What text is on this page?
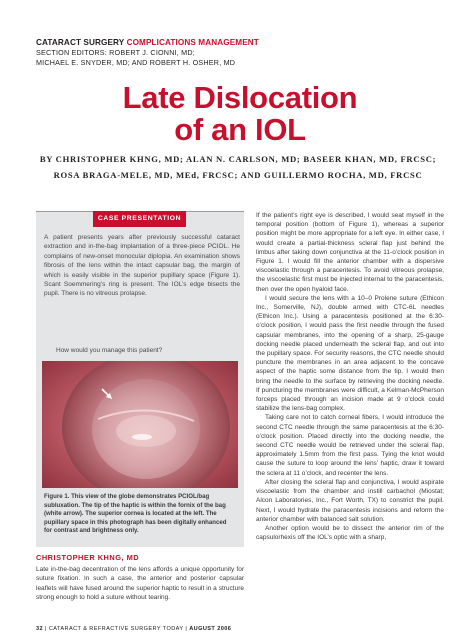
CATARACT SURGERY COMPLICATIONS MANAGEMENT
SECTION EDITORS: ROBERT J. CIONNI, MD;
MICHAEL E. SNYDER, MD; AND ROBERT H. OSHER, MD
Late Dislocation
of an IOL
BY CHRISTOPHER KHNG, MD; ALAN N. CARLSON, MD; BASEER KHAN, MD, FRCSC;
ROSA BRAGA-MELE, MD, MEd, FRCSC; AND GUILLERMO ROCHA, MD, FRCSC
CASE PRESENTATION

A patient presents years after previously successful cataract extraction and in-the-bag implantation of a three-piece PCIOL. He complains of new-onset monocular diplopia. An examination shows fibrosis of the lens within the intact capsular bag, the margin of which is easily visible in the superior pupillary space (Figure 1). Scant Soemmering’s ring is present. The IOL’s edge bisects the pupil. There is no vitreous prolapse.

How would you manage this patient?

Figure 1. This view of the globe demonstrates PCIOL/bag subluxation. The tip of the haptic is within the fornix of the bag (white arrow). The superior cornea is located at the left. The pupillary space in this photograph has been digitally enhanced for contrast and brightness only.

CHRISTOPHER KHNG, MD

Late in-the-bag decentration of the lens affords a unique opportunity for suture fixation. In such a case, the anterior and posterior capsular leaflets will have fused around the superior haptic to result in a structure strong enough to hold a suture without tearing.

If the patient’s right eye is described, I would seat myself in the temporal position (bottom of Figure 1), whereas a superior position might be more appropriate for a left eye. In either case, I would create a partial-thickness scleral flap just behind the limbus after taking down conjunctiva at the 11-o’clock position in Figure 1. I would fill the anterior chamber with a dispersive viscoelastic through a paracentesis. To avoid vitreous prolapse, the viscoelastic first must be injected internal to the paracentesis, then over the open hyaloid face.

I would secure the lens with a 10–0 Prolene suture (Ethicon Inc., Somerville, NJ), double armed with CTC-6L needles (Ethicon Inc.). Using a paracentesis positioned at the 6:30-o’clock position, I would pass the first needle through the fused capsular membranes, into the opening of a sharp, 25-gauge docking needle placed underneath the scleral flap, and out into the pupillary space. For security reasons, the CTC needle should puncture the membranes in an area adjacent to the concave aspect of the haptic some distance from the tip. I would then bring the needle to the surface by retrieving the docking needle. If puncturing the membranes were difficult, a Kelman-McPherson forceps placed through an incision made at 9 o’clock could stabilize the lens-bag complex.

Taking care not to catch corneal fibers, I would introduce the second CTC needle through the same paracentesis at the 6:30-o’clock position. Placed directly into the docking needle, the second CTC needle would be retrieved under the scleral flap, approximately 1.5mm from the first pass. Tying the knot would cause the suture to loop around the lens’ haptic, draw it toward the sclera at 11 o’clock, and recenter the lens.

After closing the scleral flap and conjunctiva, I would aspirate viscoelastic from the chamber and instill carbachol (Miostat; Alcon Laboratories, Inc., Fort Worth, TX) to constrict the pupil. Next, I would hydrate the paracentesis incisions and reform the anterior chamber with balanced salt solution.

Another option would be to dissect the anterior rim of the capsulorhexis off the IOL’s optic with a sharp,

32 | CATARACT & REFRACTIVE SURGERY TODAY | AUGUST 2006
